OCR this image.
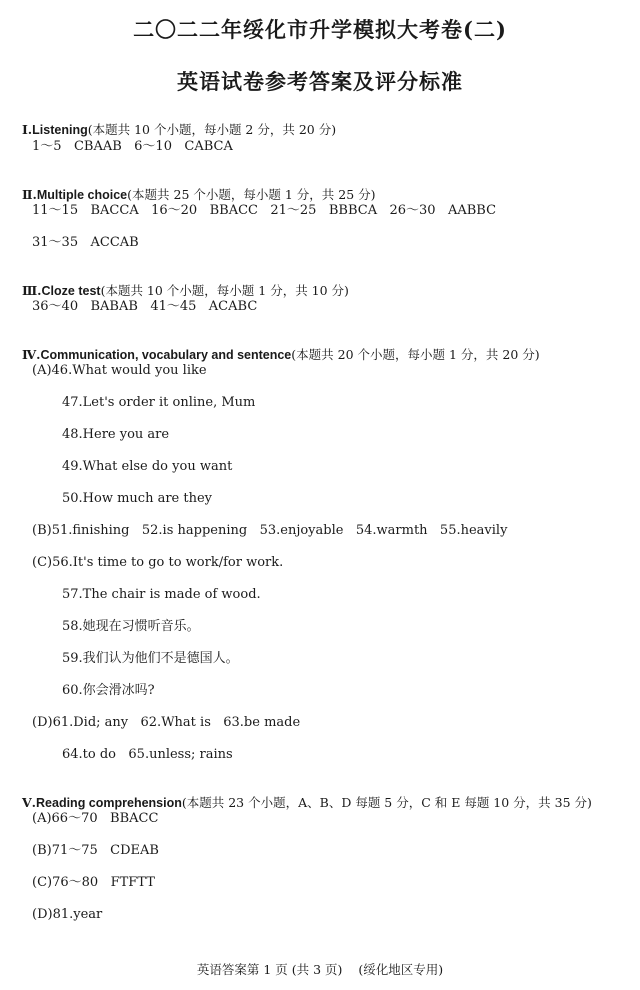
二〇二二年绥化市升学模拟大考卷(二)
英语试卷参考答案及评分标准

Ⅰ.Listening(本题共 10 个小题，每小题 2 分，共 20 分)

1～5   CBAAB   6～10   CABCA

Ⅱ.Multiple choice(本题共 25 个小题，每小题 1 分，共 25 分)

11～15   BACCA   16～20   BBACC   21～25   BBBCA   26～30   AABBC
31～35   ACCAB

Ⅲ.Cloze test(本题共 10 个小题，每小题 1 分，共 10 分)

36～40   BABAB   41～45   ACABC

Ⅳ.Communication, vocabulary and sentence(本题共 20 个小题，每小题 1 分，共 20 分)

(A)46.What would you like
47.Let's order it online, Mum
48.Here you are
49.What else do you want
50.How much are they
(B)51.finishing   52.is happening   53.enjoyable   54.warmth   55.heavily
(C)56.It's time to go to work/for work.
57.The chair is made of wood.
58.她现在习惯听音乐。
59.我们认为他们不是德国人。
60.你会滑冰吗?
(D)61.Did; any   62.What is   63.be made
64.to do   65.unless; rains

Ⅴ.Reading comprehension(本题共 23 个小题，A、B、D 每题 5 分，C 和 E 每题 10 分，共 35 分)

(A)66～70   BBACC
(B)71～75   CDEAB
(C)76～80   FTFTT
(D)81.year
英语答案第 1 页 (共 3 页)    (绥化地区专用)
